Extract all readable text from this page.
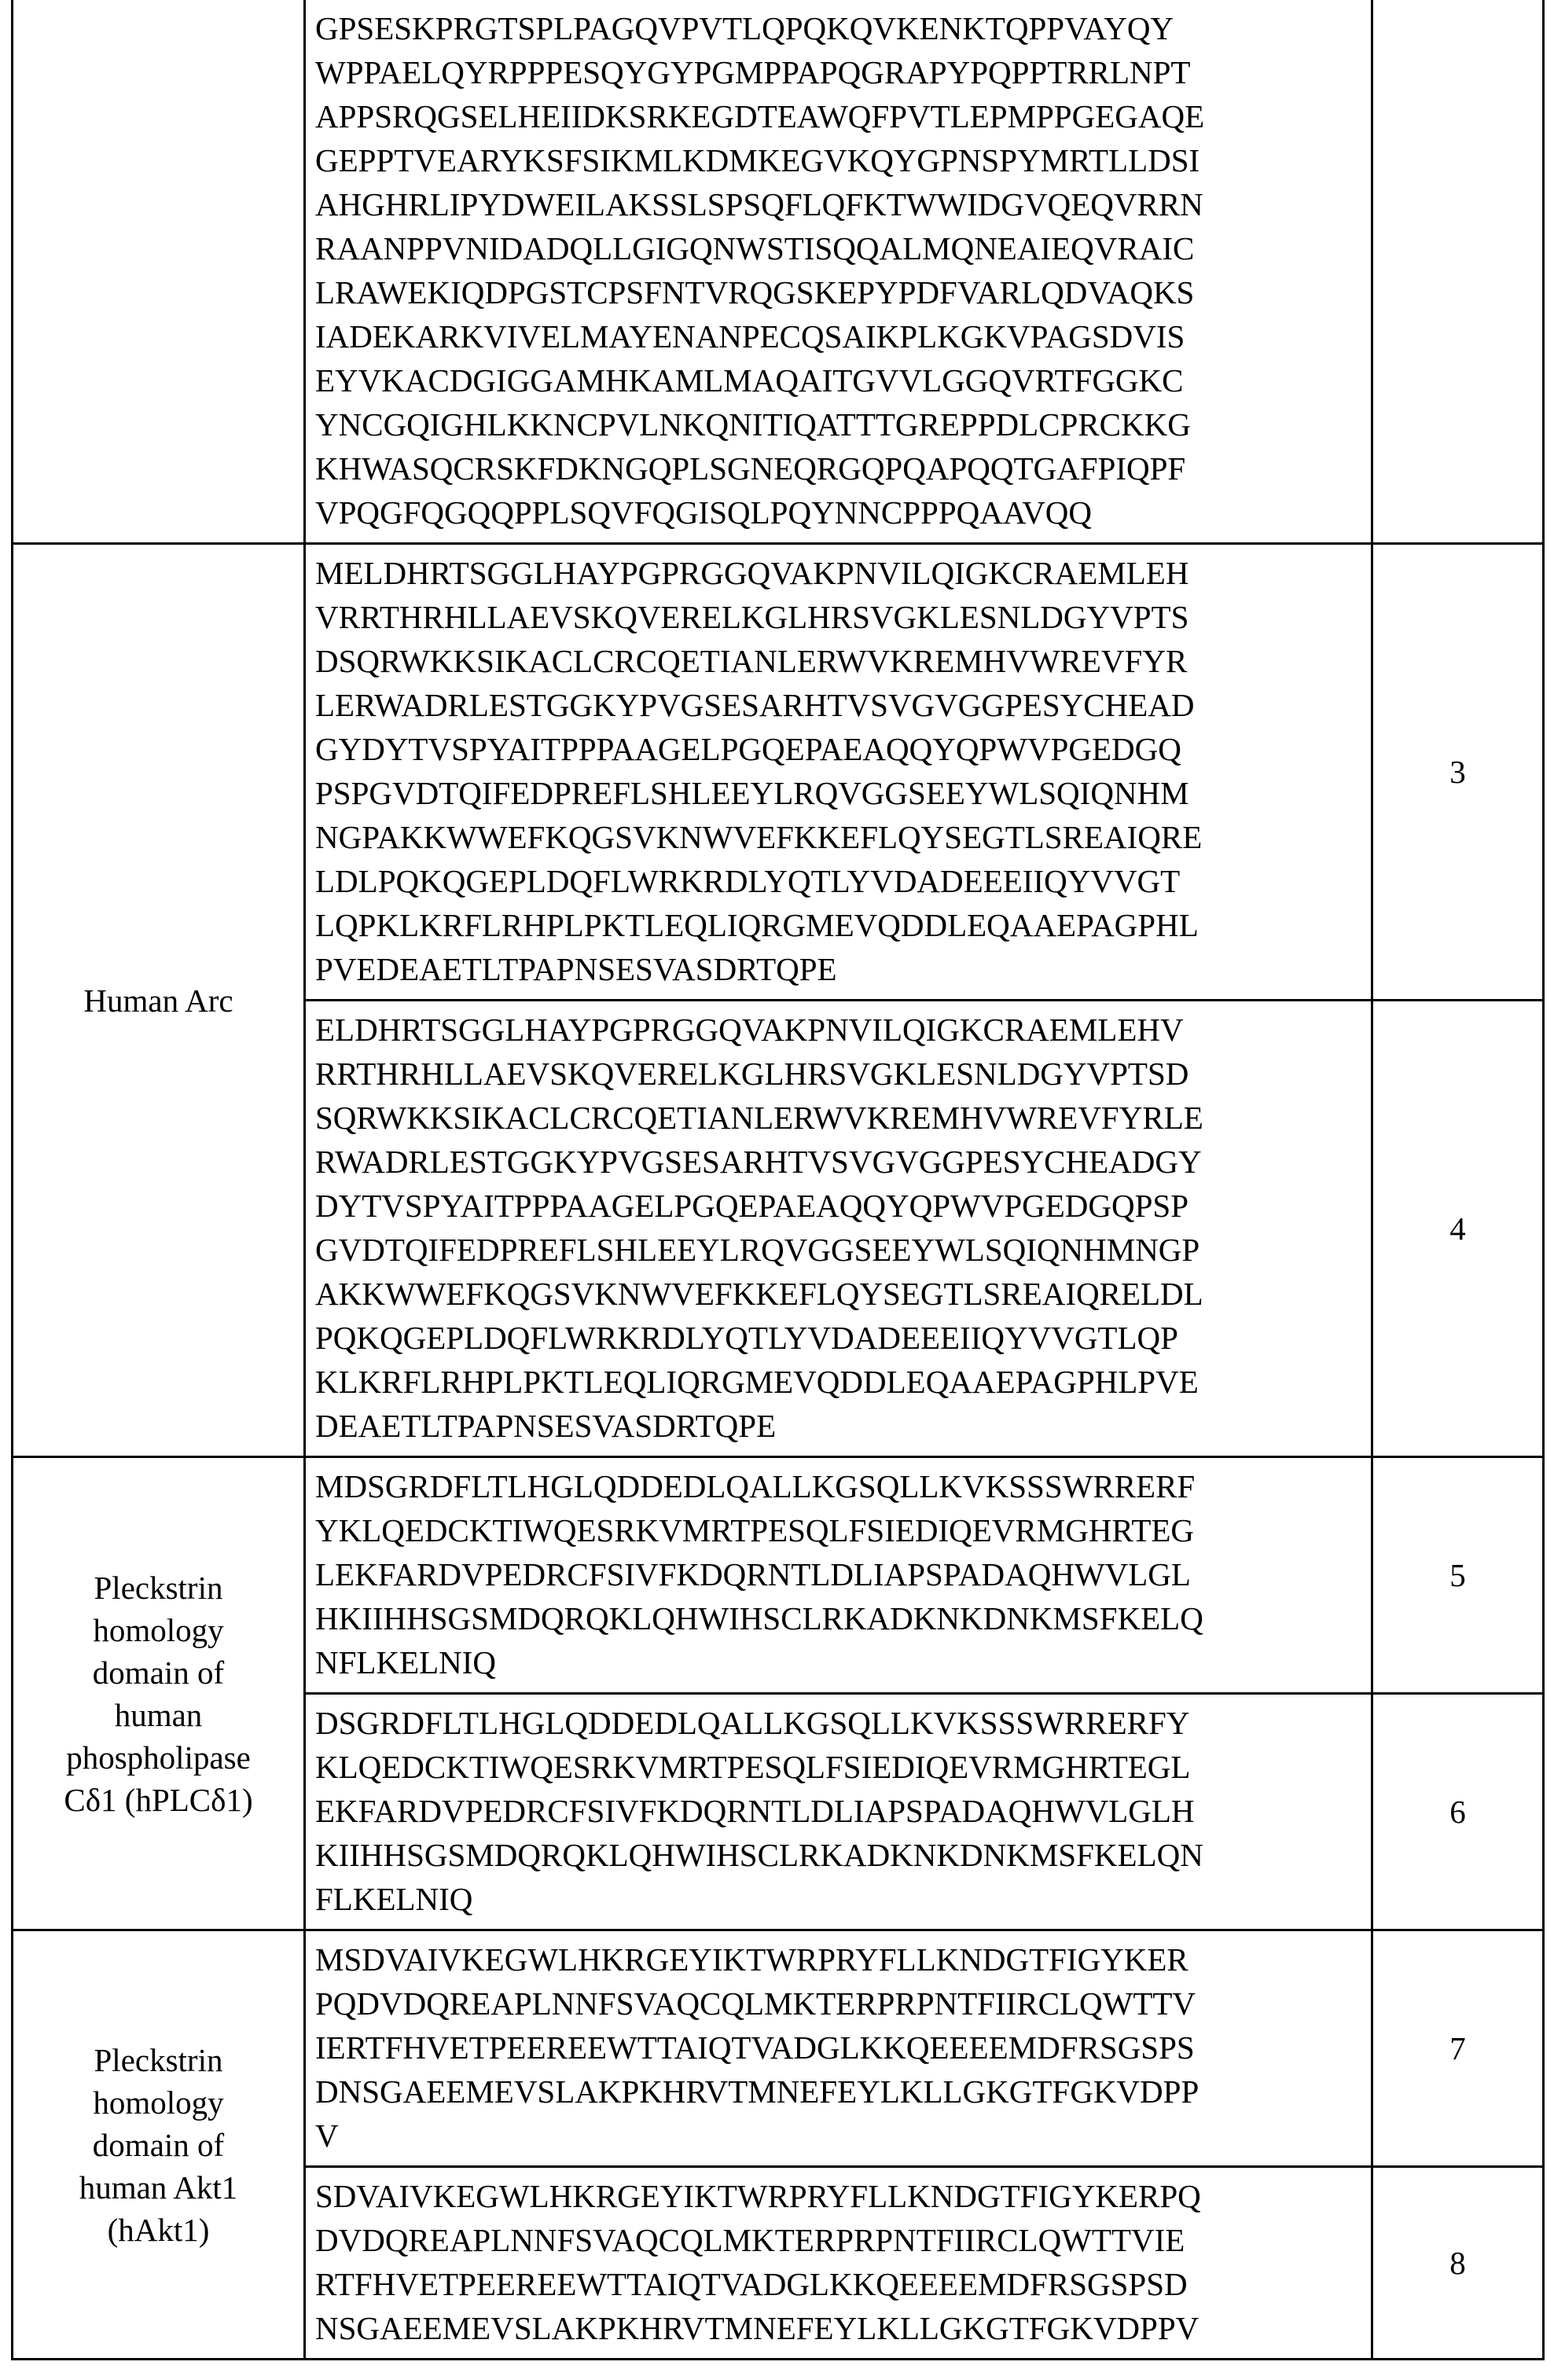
	GPSESKPRGTSPLPAGQVPVTLQPQKQVKENKTQPPVAYQY
WPPAELQYRPPPESQYGYPGMPPAPQGRAPYPQPPTRRLNPT
APPSRQGSELHEIIDKSRKEGDTEAWQFPVTLEPMPPGEGAQE
GEPPTVEARYKSFSIKMLKDMKEGVKQYGPNSPYMRTLLDSI
AHGHRLIPYDWEILAKSSLSPSQFLQFKTWWIDGVQEQVRRN
RAANPPVNIDADQLLGIGQNWSTISQQALMQNEAIEQVRAIC
LRAWEKIQDPGSTCPSFNTVRQGSKEPYPDFVARLQDVAQKS
IADEKARKVIVELMAYENANPECQSAIKPLKGKVPAGSDVIS
EYVKACDGIGGAMHKAMLMAQAITGVVLGGQVRTFGGKC
YNCGQIGHLKKNCPVLNKQNITIQATTTGREPPDLCPRCKKG
KHWASQCRSKFDKNGQPLSGNEQRGQPQAPQQTGAFPIQPF
VPQGFQGQQPPLSQVFQGISQLPQYNNCPPPQAAVQQ	
Human Arc	MELDHRTSGGLHAYPGPRGGQVAKPNVILQIGKCRAEMLEH
VRRTHRHLLAEVSKQVERELKGLHRSVGKLESNLDGYVPTS
DSQRWKKSIKACLCRCQETIANLERWVKREMHVWREVFYR
LERWADRLESTGGKYPVGSESARHTVSVGVGGPESYCHEAD
GYDYTVSPYAITPPPAAGELPGQEPAEAQQYQPWVPGEDGQ
PSPGVDTQIFEDPREFLSHLEEYLRQVGGSEEYWLSQIQNHM
NGPAKKWWEFKQGSVKNWVEFKKEFLQYSEGTLSREAIQRE
LDLPQKQGEPLDQFLWRKRDLYQTLYVDADEEEIIQYVVGT
LQPKLKRFLRHPLPKTLEQLIQRGMEVQDDLEQAAEPAGPHL
PVEDEAETLTPAPNSESVASDRTQPE	3
ELDHRTSGGLHAYPGPRGGQVAKPNVILQIGKCRAEMLEHV
RRTHRHLLAEVSKQVERELKGLHRSVGKLESNLDGYVPTSD
SQRWKKSIKACLCRCQETIANLERWVKREMHVWREVFYRLE
RWADRLESTGGKYPVGSESARHTVSVGVGGPESYCHEADGY
DYTVSPYAITPPPAAGELPGQEPAEAQQYQPWVPGEDGQPSP
GVDTQIFEDPREFLSHLEEYLRQVGGSEEYWLSQIQNHMNGP
AKKWWEFKQGSVKNWVEFKKEFLQYSEGTLSREAIQRELDL
PQKQGEPLDQFLWRKRDLYQTLYVDADEEEIIQYVVGTLQP
KLKRFLRHPLPKTLEQLIQRGMEVQDDLEQAAEPAGPHLPVE
DEAETLTPAPNSESVASDRTQPE	4
Pleckstrin
homology
domain of
human
phospholipase
Cδ1 (hPLCδ1)	MDSGRDFLTLHGLQDDEDLQALLKGSQLLKVKSSSWRRERF
YKLQEDCKTIWQESRKVMRTPESQLFSIEDIQEVRMGHRTEG
LEKFARDVPEDRCFSIVFKDQRNTLDLIAPSPADAQHWVLGL
HKIIHHSGSMDQRQKLQHWIHSCLRKADKNKDNKMSFKELQ
NFLKELNIQ	5
	DSGRDFLTLHGLQDDEDLQALLKGSQLLKVKSSSWRRERFY
KLQEDCKTIWQESRKVMRTPESQLFSIEDIQEVRMGHRTEGL
EKFARDVPEDRCFSIVFKDQRNTLDLIAPSPADAQHWVLGLH
KIIHHSGSMDQRQKLQHWIHSCLRKADKNKDNKMSFKELQN
FLKELNIQ	6
Pleckstrin
homology
domain of
human Akt1
(hAkt1)	MSDVAIVKEGWLHKRGEYIKTWRPRYFLLKNDGTFIGYKER
PQDVDQREAPLNNFSVAQCQLMKTERPRPNTFIIRCLQWTTV
IERTFHVETPEEREEWTTAIQTVADGLKKQEEEEMDFRSGSPS
DNSGAEEMEVSLAKPKHRVTMNEFEYLKLLGKGTFGKVDPP
V	7
	SDVAIVKEGWLHKRGEYIKTWRPRYFLLKNDGTFIGYKERPQ
DVDQREAPLNNFSVAQCQLMKTERPRPNTFIIRCLQWTTVIE
RTFHVETPEEREEWTTAIQTVADGLKKQEEEEMDFRSGSPSD
NSGAEEMEVSLAKPKHRVTMNEFEYLKLLGKGTFGKVDPPV	8
